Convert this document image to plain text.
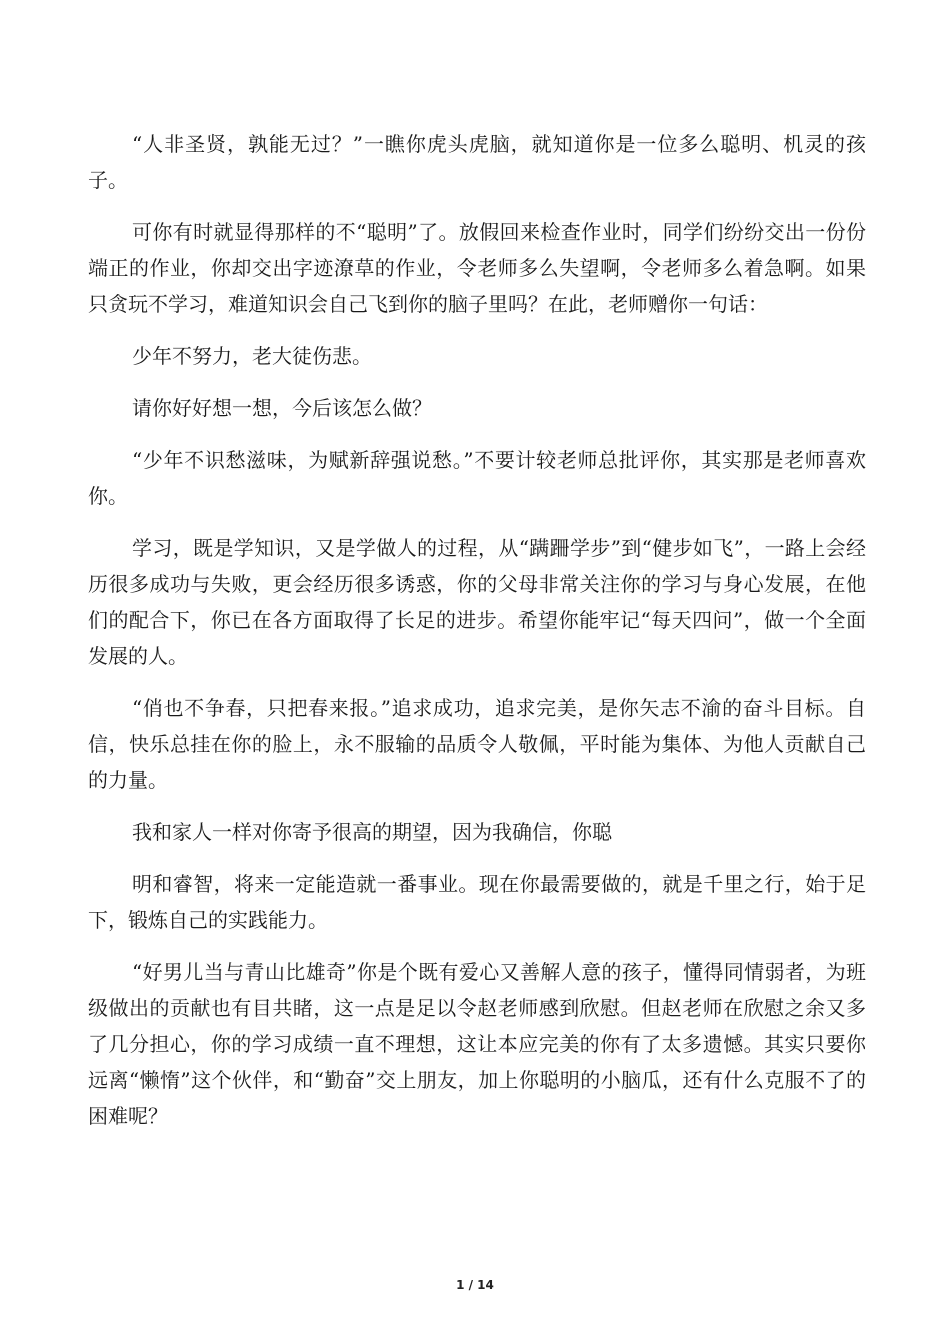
“人非圣贤，孰能无过？”一瞧你虎头虎脑，就知道你是一位多么聪明、机灵的孩子。

可你有时就显得那样的不“聪明”了。放假回来检查作业时，同学们纷纷交出一份份端正的作业，你却交出字迹潦草的作业，令老师多么失望啊，令老师多么着急啊。如果只贪玩不学习，难道知识会自己飞到你的脑子里吗？在此，老师赠你一句话：

少年不努力，老大徒伤悲。

请你好好想一想，今后该怎么做？

“少年不识愁滋味，为赋新辞强说愁。”不要计较老师总批评你，其实那是老师喜欢你。

学习，既是学知识，又是学做人的过程，从“蹒跚学步”到“健步如飞”，一路上会经历很多成功与失败，更会经历很多诱惑，你的父母非常关注你的学习与身心发展，在他们的配合下，你已在各方面取得了长足的进步。希望你能牢记“每天四问”，做一个全面发展的人。

“俏也不争春，只把春来报。”追求成功，追求完美，是你矢志不渝的奋斗目标。自信，快乐总挂在你的脸上，永不服输的品质令人敬佩，平时能为集体、为他人贡献自己的力量。

我和家人一样对你寄予很高的期望，因为我确信，你聪

明和睿智，将来一定能造就一番事业。现在你最需要做的，就是千里之行，始于足下，锻炼自己的实践能力。

“好男儿当与青山比雄奇”你是个既有爱心又善解人意的孩子，懂得同情弱者，为班级做出的贡献也有目共睹，这一点是足以令赵老师感到欣慰。但赵老师在欣慰之余又多了几分担心，你的学习成绩一直不理想，这让本应完美的你有了太多遗憾。其实只要你远离“懒惰”这个伙伴，和“勤奋”交上朋友，加上你聪明的小脑瓜，还有什么克服不了的困难呢？

1 / 14
